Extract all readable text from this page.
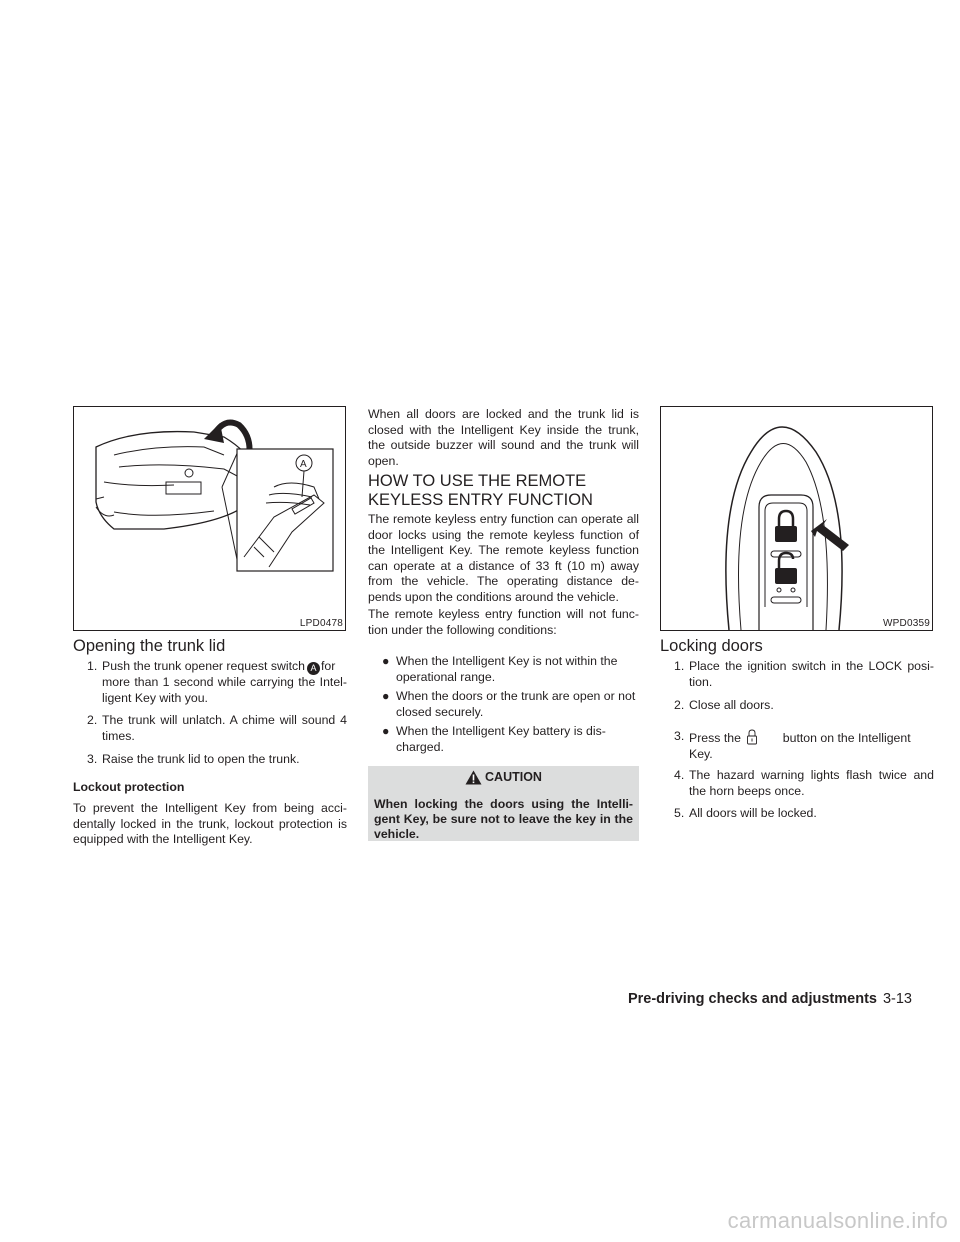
A
LPD0478
Opening the trunk lid
1. Push the trunk opener request switch A for
more than 1 second while carrying the Intel-ligent Key with you.
2. The trunk will unlatch. A chime will sound 4 times.
3. Raise the trunk lid to open the trunk.
Lockout protection

To prevent the Intelligent Key from being acci-dentally locked in the trunk, lockout protection is equipped with the Intelligent Key.

When all doors are locked and the trunk lid is closed with the Intelligent Key inside the trunk, the outside buzzer will sound and the trunk will open.

HOW TO USE THE REMOTE
KEYLESS ENTRY FUNCTION

The remote keyless entry function can operate all door locks using the remote keyless function of the Intelligent Key. The remote keyless function can operate at a distance of 33 ft (10 m) away from the vehicle. The operating distance de-pends upon the conditions around the vehicle.

The remote keyless entry function will not func-tion under the following conditions:

● When the Intelligent Key is not within the operational range.
● When the doors or the trunk are open or not closed securely.
● When the Intelligent Key battery is dis-charged.
CAUTION
When locking the doors using the Intelli-gent Key, be sure not to leave the key in the vehicle.
WPD0359
Locking doors
1. Place the ignition switch in the LOCK posi-tion.
2. Close all doors.
3. Press the	button on the Intelligent
Key.
4. The hazard warning lights flash twice and the horn beeps once.
5. All doors will be locked.
Pre-driving checks and adjustments 3-13
carmanualsonline.info
